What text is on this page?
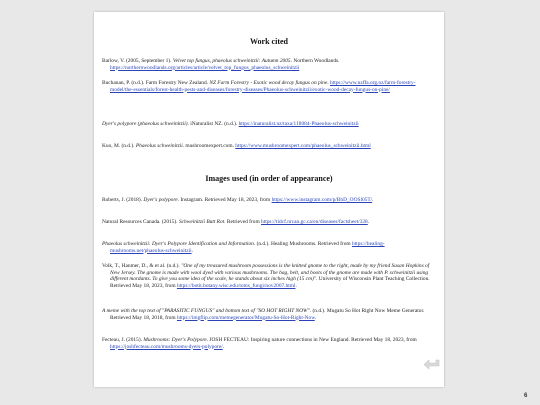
Work cited

Barlow, V. (2005, September 1). Velvet top fungus, phaeolus schweinitzii: Autumn 2005. Northern Woodlands. https://northernwoodlands.org/articles/article/velvet_top_fungus_phaeolus_schweinitzii
Buchanan, P. (n.d.). Farm Forestry New Zealand. NZ Farm Forestry - Exotic wood decay fungus on pine. https://www.nzffa.org.nz/farm-forestry-model/the-essentials/forest-health-pests-and-diseases/forestry-diseases/Phaeolus-schweinitzii/exotic-wood-decay-fungus-on-pine/
Dyer's polypore (phaeolus schweinitzii). iNaturalist NZ. (n.d.). https://inaturalist.nz/taxa/118084-Phaeolus-schweinitzii
Kuo, M. (n.d.). Phaeolus schweinitzii. mushroomexpert.com. https://www.mushroomexpert.com/phaeolus_schweinitzii.html

Images used (in order of appearance)

Roberts, J. (2018). Dyer's polypore. Instagram. Retrieved May 18, 2023, from https://www.instagram.com/p/BhD_OOSl05T/.
Natural Resources Canada. (2015). Schweinitzii Butt Rot. Retrieved from https://tidcf.nrcan.gc.ca/en/diseases/factsheet/328.
Phaeolus schweinitzii: Dyer's Polypore Identification and Information. (n.d.). Healing Mushrooms. Retrieved from https://healing-mushrooms.net/phaeolus-schweinitzii.
Volk, T., Hanmer, D., & et al. (n.d.). "One of my treasured mushroom possessions is the knitted gnome to the right, made by my friend Susan Hopkins of New Jersey. The gnome is made with wool dyed with various mushrooms. The bag, belt, and boots of the gnome are made with P. schweinitzii using different mordants. To give you some idea of the scale, he stands about six inches high (15 cm)". University of Wisconsin Plant Teaching Collection. Retrieved May 18, 2023, from https://botit.botany.wisc.edu/toms_fungi/nov2007.html.
A meme with the top text of "PARASITIC FUNGUS" and bottom text of "SO HOT RIGHT NOW". (n.d.). Mugatu So Hot Right Now Meme Generator. Retrieved May 18, 2018, from https://imgflip.com/memegenerator/Mugatu-So-Hot-Right-Now.
Fecteau, J. (2015). Mushrooms: Dyer's Polypore. JOSH FECTEAU: Inspiring nature connections in New England. Retrieved May 18, 2023, from https://joshfecteau.com/mushrooms-dyers-polypore/.
6
